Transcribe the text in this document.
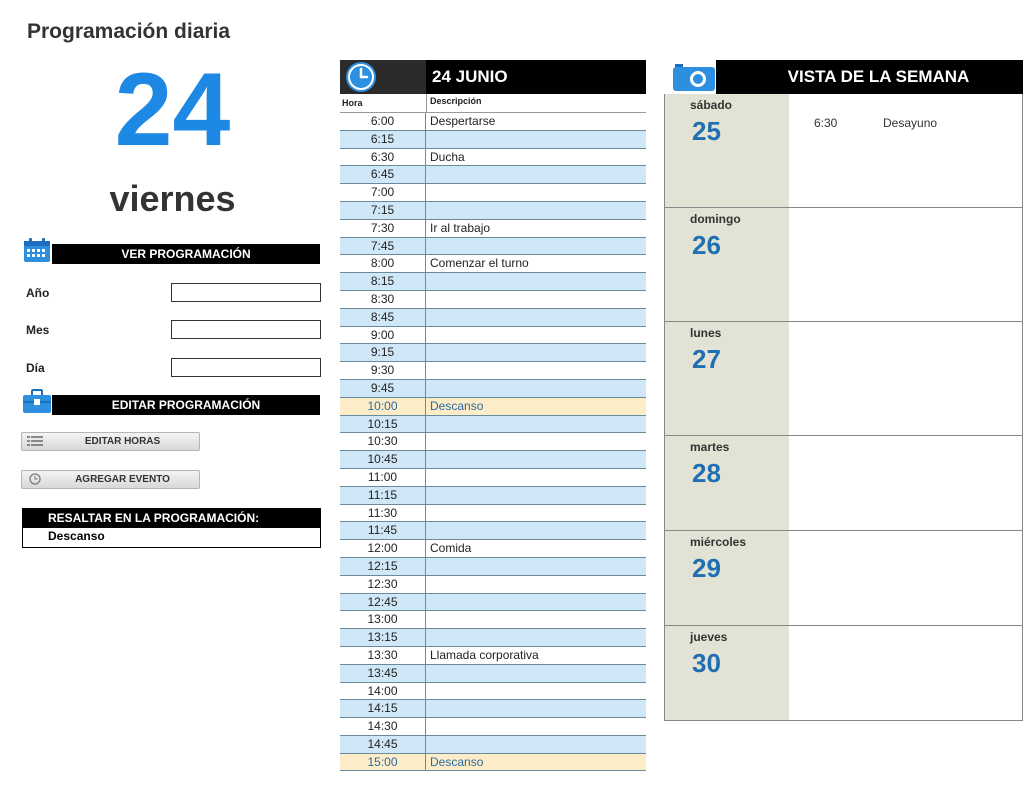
Programación diaria
24
viernes
VER PROGRAMACIÓN
Año
Mes
Día
EDITAR PROGRAMACIÓN
EDITAR HORAS
AGREGAR EVENTO
RESALTAR EN LA PROGRAMACIÓN:
Descanso
24 JUNIO
Hora	Descripción
6:00	Despertarse
6:15
6:30	Ducha
6:45
7:00
7:15
7:30	Ir al trabajo
7:45
8:00	Comenzar el turno
8:15
8:30
8:45
9:00
9:15
9:30
9:45
10:00	Descanso
10:15
10:30
10:45
11:00
11:15
11:30
11:45
12:00	Comida
12:15
12:30
12:45
13:00
13:15
13:30	Llamada corporativa
13:45
14:00
14:15
14:30
14:45
15:00	Descanso
VISTA DE LA SEMANA
sábado
25	6:30	Desayuno
domingo
26
lunes
27
martes
28
miércoles
29
jueves
30
